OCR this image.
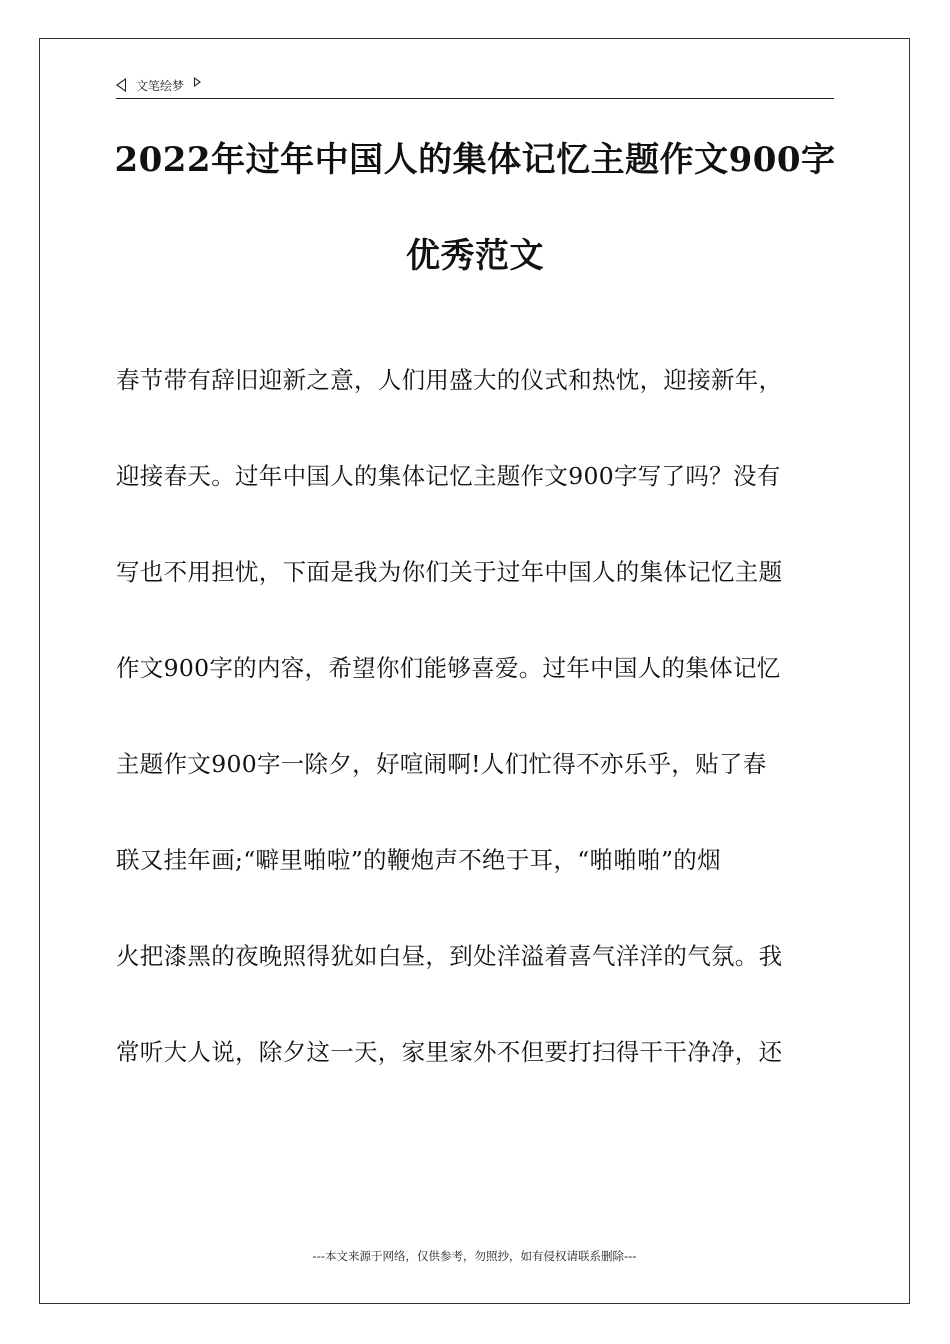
文笔绘梦
2022年过年中国人的集体记忆主题作文900字
优秀范文
春节带有辞旧迎新之意，人们用盛大的仪式和热忱，迎接新年，
迎接春天。过年中国人的集体记忆主题作文900字写了吗？没有
写也不用担忧，下面是我为你们关于过年中国人的集体记忆主题
作文900字的内容，希望你们能够喜爱。过年中国人的集体记忆
主题作文900字一除夕，好喧闹啊!人们忙得不亦乐乎，贴了春
联又挂年画;“噼里啪啦”的鞭炮声不绝于耳，“啪啪啪”的烟
火把漆黑的夜晚照得犹如白昼，到处洋溢着喜气洋洋的气氛。我
常听大人说，除夕这一天，家里家外不但要打扫得干干净净，还
---本文来源于网络，仅供参考，勿照抄，如有侵权请联系删除---
